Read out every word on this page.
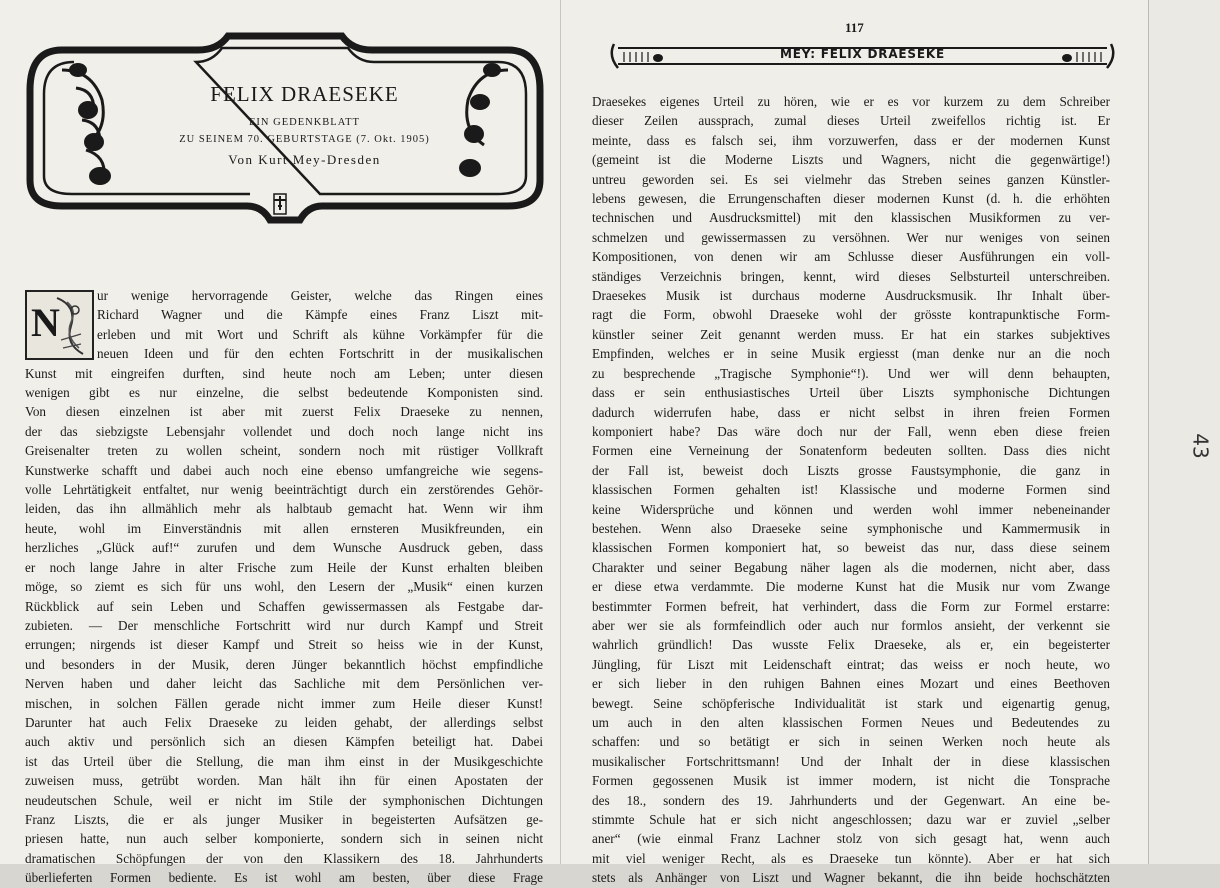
FELIX DRAESEKE
EIN GEDENKBLATT
ZU SEINEM 70. GEBURTSTAGE (7. Okt. 1905)
Von Kurt Mey-Dresden
N
ur wenige hervorragende Geister, welche das Ringen eines
Richard Wagner und die Kämpfe eines Franz Liszt mit-
erleben und mit Wort und Schrift als kühne Vorkämpfer für die
neuen Ideen und für den echten Fortschritt in der musikalischen
Kunst mit eingreifen durften, sind heute noch am Leben; unter diesen
wenigen gibt es nur einzelne, die selbst bedeutende Komponisten sind.
Von diesen einzelnen ist aber mit zuerst Felix Draeseke zu nennen,
der das siebzigste Lebensjahr vollendet und doch noch lange nicht ins
Greisenalter treten zu wollen scheint, sondern noch mit rüstiger Vollkraft
Kunstwerke schafft und dabei auch noch eine ebenso umfangreiche wie segens-
volle Lehrtätigkeit entfaltet, nur wenig beeinträchtigt durch ein zerstörendes Gehör-
leiden, das ihn allmählich mehr als halbtaub gemacht hat. Wenn wir ihm
heute, wohl im Einverständnis mit allen ernsteren Musikfreunden, ein
herzliches „Glück auf!“ zurufen und dem Wunsche Ausdruck geben, dass
er noch lange Jahre in alter Frische zum Heile der Kunst erhalten bleiben
möge, so ziemt es sich für uns wohl, den Lesern der „Musik“ einen kurzen
Rückblick auf sein Leben und Schaffen gewissermassen als Festgabe dar-
zubieten. — Der menschliche Fortschritt wird nur durch Kampf und Streit
errungen; nirgends ist dieser Kampf und Streit so heiss wie in der Kunst,
und besonders in der Musik, deren Jünger bekanntlich höchst empfindliche
Nerven haben und daher leicht das Sachliche mit dem Persönlichen ver-
mischen, in solchen Fällen gerade nicht immer zum Heile dieser Kunst!
Darunter hat auch Felix Draeseke zu leiden gehabt, der allerdings selbst
auch aktiv und persönlich sich an diesen Kämpfen beteiligt hat. Dabei
ist das Urteil über die Stellung, die man ihm einst in der Musikgeschichte
zuweisen muss, getrübt worden. Man hält ihn für einen Apostaten der
neudeutschen Schule, weil er nicht im Stile der symphonischen Dichtungen
Franz Liszts, die er als junger Musiker in begeisterten Aufsätzen ge-
priesen hatte, nun auch selber komponierte, sondern sich in seinen nicht
dramatischen Schöpfungen der von den Klassikern des 18. Jahrhunderts
überlieferten Formen bediente. Es ist wohl am besten, über diese Frage
117
MEY: FELIX DRAESEKE
Draesekes eigenes Urteil zu hören, wie er es vor kurzem zu dem Schreiber
dieser Zeilen aussprach, zumal dieses Urteil zweifellos richtig ist. Er
meinte, dass es falsch sei, ihm vorzuwerfen, dass er der modernen Kunst
(gemeint ist die Moderne Liszts und Wagners, nicht die gegenwärtige!)
untreu geworden sei. Es sei vielmehr das Streben seines ganzen Künstler-
lebens gewesen, die Errungenschaften dieser modernen Kunst (d. h. die erhöhten
technischen und Ausdrucksmittel) mit den klassischen Musikformen zu ver-
schmelzen und gewissermassen zu versöhnen. Wer nur weniges von seinen
Kompositionen, von denen wir am Schlusse dieser Ausführungen ein voll-
ständiges Verzeichnis bringen, kennt, wird dieses Selbsturteil unterschreiben.
Draesekes Musik ist durchaus moderne Ausdrucksmusik. Ihr Inhalt über-
ragt die Form, obwohl Draeseke wohl der grösste kontrapunktische Form-
künstler seiner Zeit genannt werden muss. Er hat ein starkes subjektives
Empfinden, welches er in seine Musik ergiesst (man denke nur an die noch
zu besprechende „Tragische Symphonie“!). Und wer will denn behaupten,
dass er sein enthusiastisches Urteil über Liszts symphonische Dichtungen
dadurch widerrufen habe, dass er nicht selbst in ihren freien Formen
komponiert habe? Das wäre doch nur der Fall, wenn eben diese freien
Formen eine Verneinung der Sonatenform bedeuten sollten. Dass dies nicht
der Fall ist, beweist doch Liszts grosse Faustsymphonie, die ganz in
klassischen Formen gehalten ist! Klassische und moderne Formen sind
keine Widersprüche und können und werden wohl immer nebeneinander
bestehen. Wenn also Draeseke seine symphonische und Kammermusik in
klassischen Formen komponiert hat, so beweist das nur, dass diese seinem
Charakter und seiner Begabung näher lagen als die modernen, nicht aber, dass
er diese etwa verdammte. Die moderne Kunst hat die Musik nur vom Zwange
bestimmter Formen befreit, hat verhindert, dass die Form zur Formel erstarre:
aber wer sie als formfeindlich oder auch nur formlos ansieht, der verkennt sie
wahrlich gründlich! Das wusste Felix Draeseke, als er, ein begeisterter
Jüngling, für Liszt mit Leidenschaft eintrat; das weiss er noch heute, wo
er sich lieber in den ruhigen Bahnen eines Mozart und eines Beethoven
bewegt. Seine schöpferische Individualität ist stark und eigenartig genug,
um auch in den alten klassischen Formen Neues und Bedeutendes zu
schaffen: und so betätigt er sich in seinen Werken noch heute als
musikalischer Fortschrittsmann! Und der Inhalt der in diese klassischen
Formen gegossenen Musik ist immer modern, ist nicht die Tonsprache
des 18., sondern des 19. Jahrhunderts und der Gegenwart. An eine be-
stimmte Schule hat er sich nicht angeschlossen; dazu war er zuviel „selber
aner“ (wie einmal Franz Lachner stolz von sich gesagt hat, wenn auch
mit viel weniger Recht, als es Draeseke tun könnte). Aber er hat sich
stets als Anhänger von Liszt und Wagner bekannt, die ihn beide hochschätzten
43
